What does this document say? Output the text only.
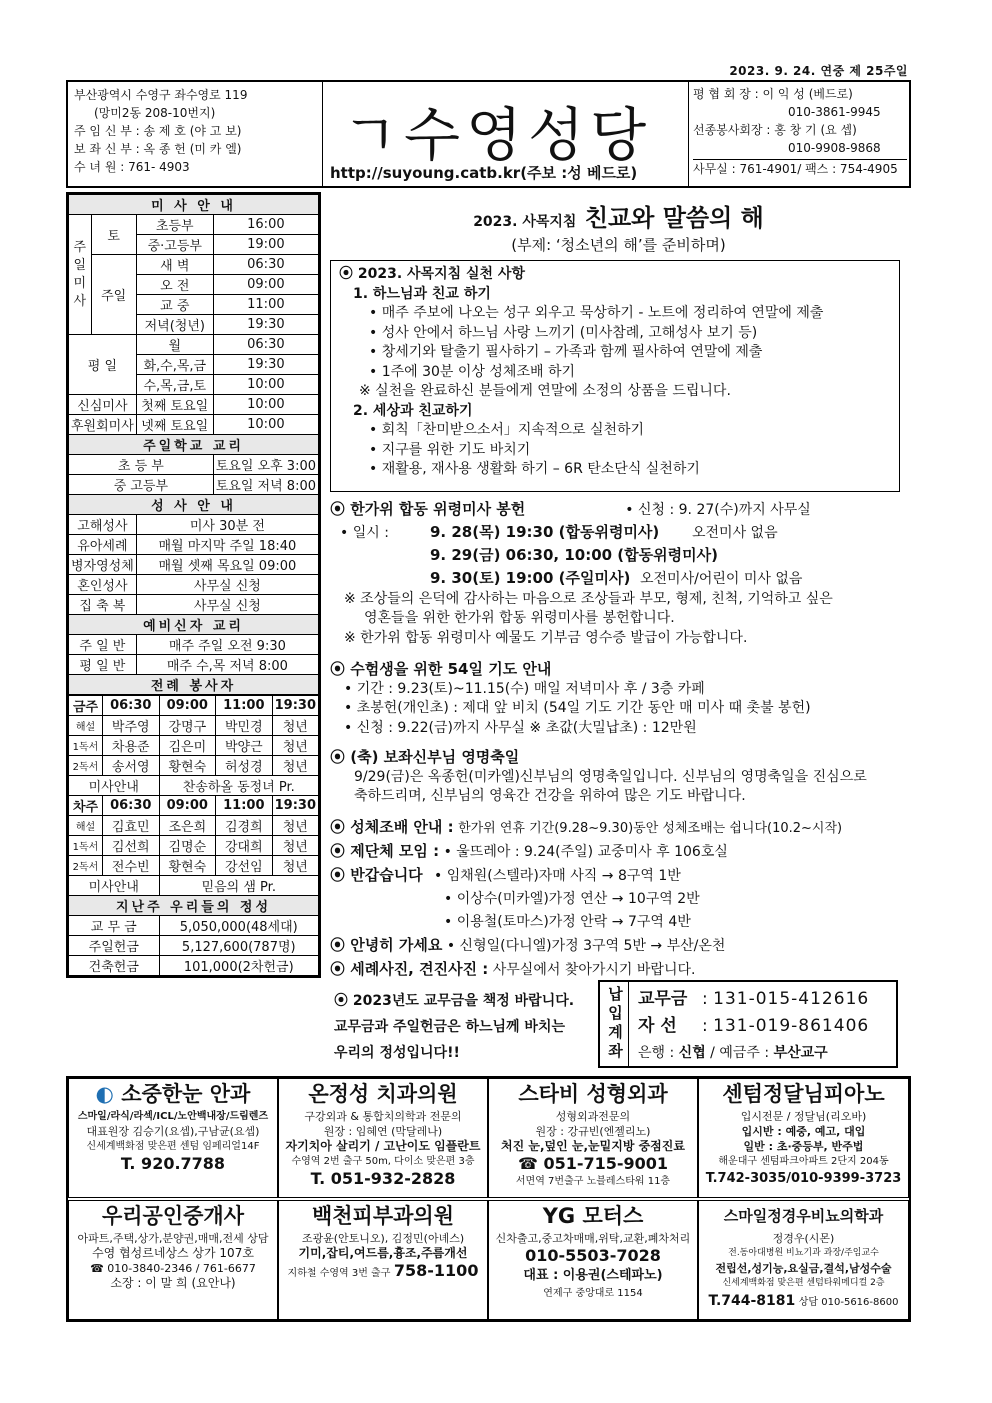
2023. 9. 24. 연중 제 25주일
부산광역시 수영구 좌수영로 119
(망미2동 208-10번지)
주 임 신 부 : 송 제 호 (야 고 보)
보 좌 신 부 : 옥 종 헌 (미 카 엘)
수 녀 원 : 761- 4903	ㄱ수영성당
http://suyoung.catb.kr(주보 :성 베드로)
평 협 회 장 : 이 익 성 (베드로)
010-3861-9945
선종봉사회장 : 홍 창 기 (요 셉)
010-9908-9868
사무실 : 761-4901/ 팩스 : 754-4905
미 사 안 내			
주일미사	토	초등부	16:00
		중·고등부	19:00
	주일	새 벽	06:30
		오 전	09:00
		교 중	11:00
		저녁(청년)	19:30
평 일		월	06:30
		화,수,목,금	19:30
		수,목,금,토	10:00
신심미사		첫째 토요일	10:00
후원회미사		넷째 토요일	10:00
주일학교 교리			
초 등 부			토요일 오후 3:00
중 고등부			토요일 저녁 8:00
성 사 안 내			
고해성사		미사 30분 전	
유아세례		매월 마지막 주일 18:40	
병자영성체		매월 셋째 목요일 09:00	
혼인성사		사무실 신청	
집 축 복		사무실 신청	
예비신자 교리			
주 일 반		매주 주일 오전 9:30	
평 일 반		매주 수,목 저녁 8:00	
전례 봉사자			
금주	06:30	09:00	11:00	19:30
해설	박주영	강명구	박민경	청년
1독서	차용준	김은미	박양근	청년
2독서	송서영	황현숙	허성경	청년
미사안내		찬송하올 동정녀 Pr.		
차주	06:30	09:00	11:00	19:30
해설	김효민	조은희	김경희	청년
1독서	김선희	김명순	강대희	청년
2독서	전수빈	황현숙	강선임	청년
미사안내		믿음의 샘 Pr.		
지난주 우리들의 정성				
교 무 금		5,050,000(48세대)		
주일헌금		5,127,600(787명)		
건축헌금		101,000(2차헌금)		
2023. 사목지침 친교와 말씀의 해
(부제: ‘청소년의 해’를 준비하며)
⦿ 2023. 사목지침 실천 사항
1. 하느님과 친교 하기
• 매주 주보에 나오는 성구 외우고 묵상하기 - 노트에 정리하여 연말에 제출
• 성사 안에서 하느님 사랑 느끼기 (미사참례, 고해성사 보기 등)
• 창세기와 탈출기 필사하기 – 가족과 함께 필사하여 연말에 제출
• 1주에 30분 이상 성체조배 하기
※ 실천을 완료하신 분들에게 연말에 소정의 상품을 드립니다.
2. 세상과 친교하기
• 회칙「찬미받으소서」지속적으로 실천하기
• 지구를 위한 기도 바치기
• 재활용, 재사용 생활화 하기 – 6R 탄소단식 실천하기
⦿ 한가위 합동 위령미사 봉헌	• 신청 : 9. 27(수)까지 사무실
• 일시 :	9. 28(목) 19:30 (합동위령미사) 오전미사 없음
9. 29(금) 06:30, 10:00 (합동위령미사)
9. 30(토) 19:00 (주일미사) 오전미사/어린이 미사 없음
※ 조상들의 은덕에 감사하는 마음으로 조상들과 부모, 형제, 친척, 기억하고 싶은
영혼들을 위한 한가위 합동 위령미사를 봉헌합니다.
※ 한가위 합동 위령미사 예물도 기부금 영수증 발급이 가능합니다.
⦿ 수험생을 위한 54일 기도 안내
• 기간 : 9.23(토)~11.15(수) 매일 저녁미사 후 / 3층 카페
• 초봉헌(개인초) : 제대 앞 비치 (54일 기도 기간 동안 매 미사 때 촛불 봉헌)
• 신청 : 9.22(금)까지 사무실 ※ 초값(大밀납초) : 12만원
⦿ (축) 보좌신부님 영명축일
9/29(금)은 옥종헌(미카엘)신부님의 영명축일입니다. 신부님의 영명축일을 진심으로
축하드리며, 신부님의 영육간 건강을 위하여 많은 기도 바랍니다.
⦿ 성체조배 안내 : 한가위 연휴 기간(9.28~9.30)동안 성체조배는 쉽니다(10.2~시작)
⦿ 제단체 모임 : • 울뜨레아 : 9.24(주일) 교중미사 후 106호실
⦿ 반갑습니다 • 임채원(스텔라)자매 사직 → 8구역 1반
• 이상수(미카엘)가정 연산 → 10구역 2반
• 이용철(토마스)가정 안락 → 7구역 4반
⦿ 안녕히 가세요 • 신형일(다니엘)가정 3구역 5반 → 부산/온천
⦿ 세례사진, 견진사진 : 사무실에서 찾아가시기 바랍니다.
⦿ 2023년도 교무금을 책정 바랍니다.
교무금과 주일헌금은 하느님께 바치는
우리의 정성입니다!!	납입계좌 교무금 : 131-015-412616
자 선 : 131-019-861406
은행 : 신협 / 예금주 : 부산교구
◐ 소중한눈 안과
스마일/라식/라섹/ICL/노안백내장/드림렌즈
대표원장 김승기(요셉),구남균(요셉)
신세계백화점 맞은편 센텀 임페리얼14F
T. 920.7788
온정성 치과의원
구강외과 & 통합치의학과 전문의
원장 : 임혜연 (막달레나)
자기치아 살리기 / 고난이도 임플란트
수영역 2번 출구 50m, 다이소 맞은편 3층
T. 051-932-2828
스타비 성형외과
성형외과전문의
원장 : 강규빈(엔젤리노)
처진 눈,덮인 눈,눈밑지방 중점진료
☎ 051-715-9001
서면역 7번출구 노블레스타워 11층
센텀정달님피아노
입시전문 / 정달님(리오바)
입시반 : 예중, 예고, 대입
일반 : 초·중등부, 반주법
해운대구 센텀파크아파트 2단지 204동
T.742-3035/010-9399-3723
우리공인중개사
아파트,주택,상가,분양권,매매,전세 상담
수영 협성르네상스 상가 107호
☎ 010-3840-2346 / 761-6677
소장 : 이 말 희 (요안나)
백천피부과의원
조광윤(안토니오), 김정민(아녜스)
기미,잡티,여드름,흉조,주름개선
지하철 수영역 3번 출구 758-1100
YG 모터스
신차출고,중고차매매,위탁,교환,폐차처리
010-5503-7028
대표 : 이용권(스테파노)
연제구 중앙대로 1154
스마일정경우비뇨의학과
정경우(시몬)
전.동아대병원 비뇨기과 과장/주임교수
전립선,성기능,요실금,결석,남성수술
신세계백화점 맞은편 센텀타워메디컬 2층
T.744-8181 상담 010-5616-8600
